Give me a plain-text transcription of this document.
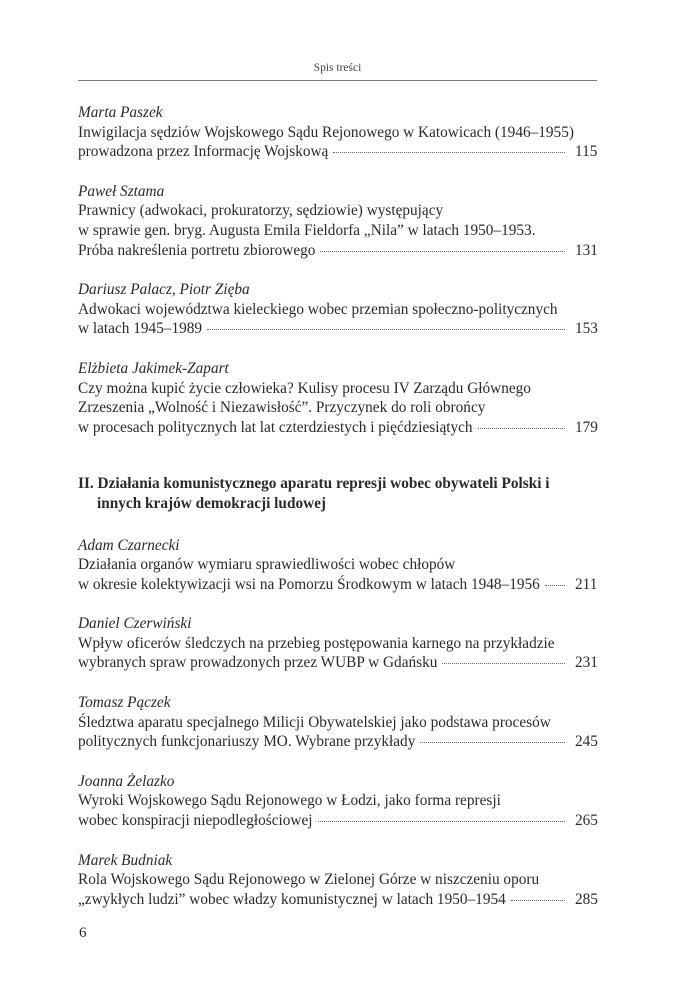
Spis treści
Marta Paszek
Inwigilacja sędziów Wojskowego Sądu Rejonowego w Katowicach (1946–1955)
prowadzona przez Informację Wojskową	115
Paweł Sztama
Prawnicy (adwokaci, prokuratorzy, sędziowie) występujący
w sprawie gen. bryg. Augusta Emila Fieldorfa „Nila” w latach 1950–1953.
Próba nakreślenia portretu zbiorowego	131
Dariusz Palacz, Piotr Zięba
Adwokaci województwa kieleckiego wobec przemian społeczno-politycznych
w latach 1945–1989	153
Elżbieta Jakimek-Zapart
Czy można kupić życie człowieka? Kulisy procesu IV Zarządu Głównego
Zrzeszenia „Wolność i Niezawisłość”. Przyczynek do roli obrońcy
w procesach politycznych lat lat czterdziestych i pięćdziesiątych	179
II. Działania komunistycznego aparatu represji wobec obywateli Polski i innych krajów demokracji ludowej
Adam Czarnecki
Działania organów wymiaru sprawiedliwości wobec chłopów
w okresie kolektywizacji wsi na Pomorzu Środkowym w latach 1948–1956 211
Daniel Czerwiński
Wpływ oficerów śledczych na przebieg postępowania karnego na przykładzie
wybranych spraw prowadzonych przez WUBP w Gdańsku	231
Tomasz Pączek
Śledztwa aparatu specjalnego Milicji Obywatelskiej jako podstawa procesów
politycznych funkcjonariuszy MO. Wybrane przykłady	245
Joanna Żelazko
Wyroki Wojskowego Sądu Rejonowego w Łodzi, jako forma represji
wobec konspiracji niepodległościowej	265
Marek Budniak
Rola Wojskowego Sądu Rejonowego w Zielonej Górze w niszczeniu oporu
„zwykłych ludzi” wobec władzy komunistycznej w latach 1950–1954	285
6
